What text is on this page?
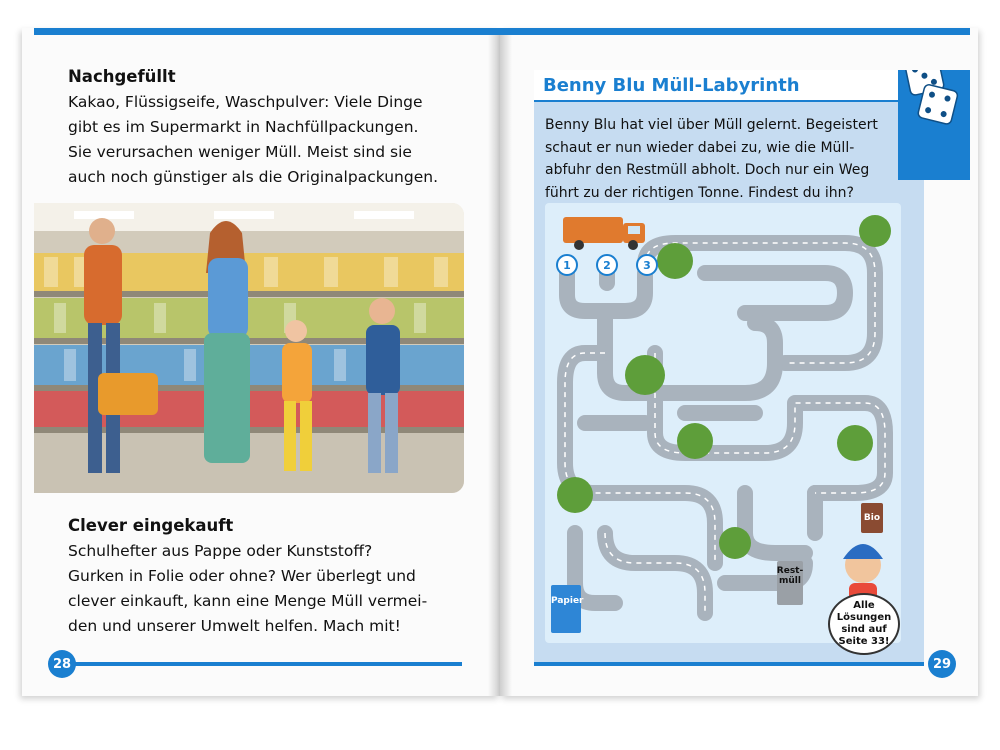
Nachgefüllt
Kakao, Flüssigseife, Waschpulver: Viele Dinge
gibt es im Supermarkt in Nachfüllpackungen.
Sie verursachen weniger Müll. Meist sind sie
auch noch günstiger als die Originalpackungen.
Clever eingekauft
Schulhefter aus Pappe oder Kunststoff?
Gurken in Folie oder ohne? Wer überlegt und
clever einkauft, kann eine Menge Müll vermei-
den und unserer Umwelt helfen. Mach mit!
28
Benny Blu Müll-Labyrinth
Benny Blu hat viel über Müll gelernt. Begeistert
schaut er nun wieder dabei zu, wie die Müll-
abfuhr den Restmüll abholt. Doch nur ein Weg
führt zu der richtigen Tonne. Findest du ihn?
1	2	3
Bio
Rest-
müll
Papier	Alle
Lösungen
sind auf
Seite 33!
29
